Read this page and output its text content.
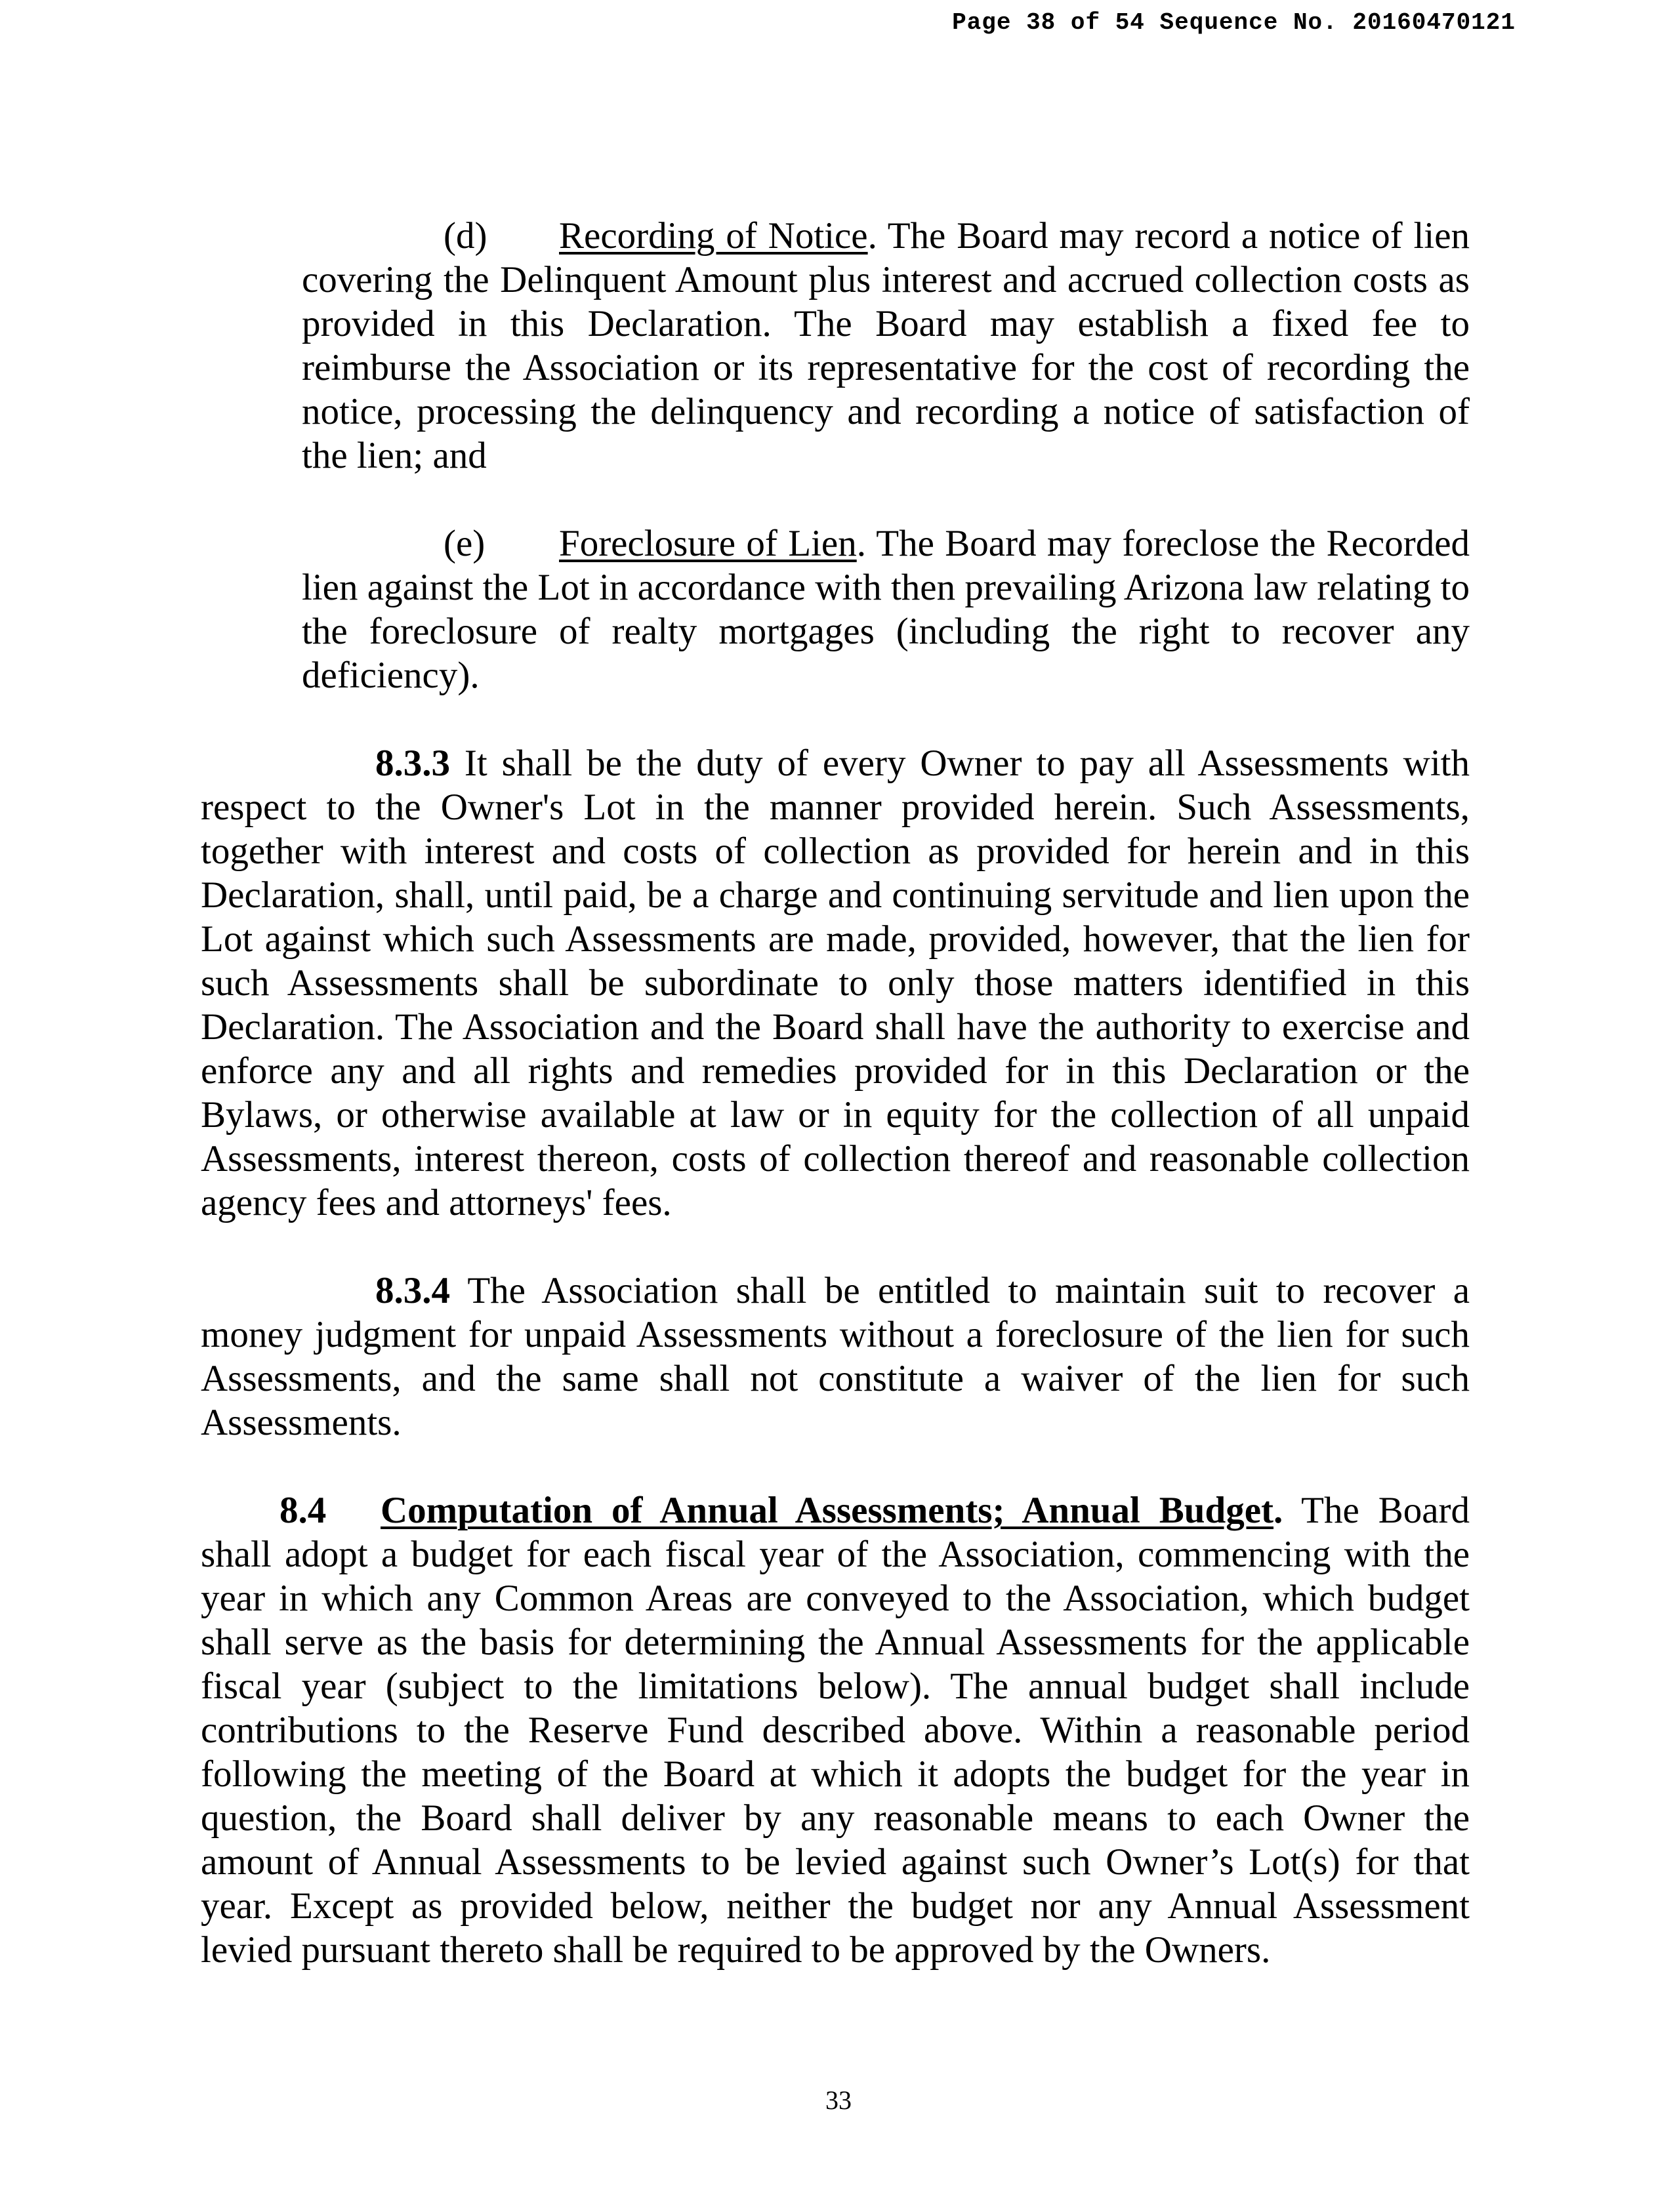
Page 38 of 54 Sequence No. 20160470121

(d) Recording of Notice. The Board may record a notice of lien covering the Delinquent Amount plus interest and accrued collection costs as provided in this Declaration. The Board may establish a fixed fee to reimburse the Association or its representative for the cost of recording the notice, processing the delinquency and recording a notice of satisfaction of the lien; and

(e) Foreclosure of Lien. The Board may foreclose the Recorded lien against the Lot in accordance with then prevailing Arizona law relating to the foreclosure of realty mortgages (including the right to recover any deficiency).

8.3.3 It shall be the duty of every Owner to pay all Assessments with respect to the Owner's Lot in the manner provided herein. Such Assessments, together with interest and costs of collection as provided for herein and in this Declaration, shall, until paid, be a charge and continuing servitude and lien upon the Lot against which such Assessments are made, provided, however, that the lien for such Assessments shall be subordinate to only those matters identified in this Declaration. The Association and the Board shall have the authority to exercise and enforce any and all rights and remedies provided for in this Declaration or the Bylaws, or otherwise available at law or in equity for the collection of all unpaid Assessments, interest thereon, costs of collection thereof and reasonable collection agency fees and attorneys' fees.

8.3.4 The Association shall be entitled to maintain suit to recover a money judgment for unpaid Assessments without a foreclosure of the lien for such Assessments, and the same shall not constitute a waiver of the lien for such Assessments.

8.4 Computation of Annual Assessments; Annual Budget. The Board shall adopt a budget for each fiscal year of the Association, commencing with the year in which any Common Areas are conveyed to the Association, which budget shall serve as the basis for determining the Annual Assessments for the applicable fiscal year (subject to the limitations below). The annual budget shall include contributions to the Reserve Fund described above. Within a reasonable period following the meeting of the Board at which it adopts the budget for the year in question, the Board shall deliver by any reasonable means to each Owner the amount of Annual Assessments to be levied against such Owner’s Lot(s) for that year. Except as provided below, neither the budget nor any Annual Assessment levied pursuant thereto shall be required to be approved by the Owners.

33
